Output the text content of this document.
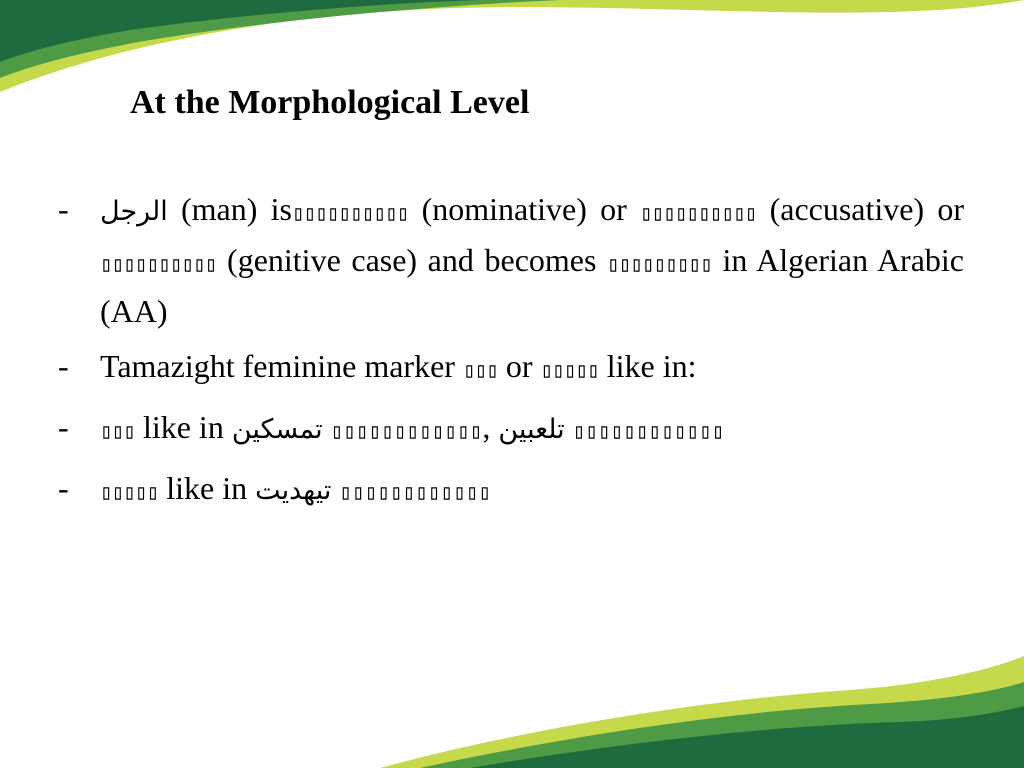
At the Morphological Level
- الرجل (man) is▯▯▯▯▯▯▯▯▯▯ (nominative) or ▯▯▯▯▯▯▯▯▯▯ (accusative) or ▯▯▯▯▯▯▯▯▯▯ (genitive case) and becomes ▯▯▯▯▯▯▯▯▯ in Algerian Arabic (AA)
- Tamazight feminine marker ▯▯▯ or ▯▯▯▯▯ like in:
- ▯▯▯ like in تمسكين ▯▯▯▯▯▯▯▯▯▯▯▯, تلعبين ▯▯▯▯▯▯▯▯▯▯▯▯
- ▯▯▯▯▯ like in تيهديت ▯▯▯▯▯▯▯▯▯▯▯▯
